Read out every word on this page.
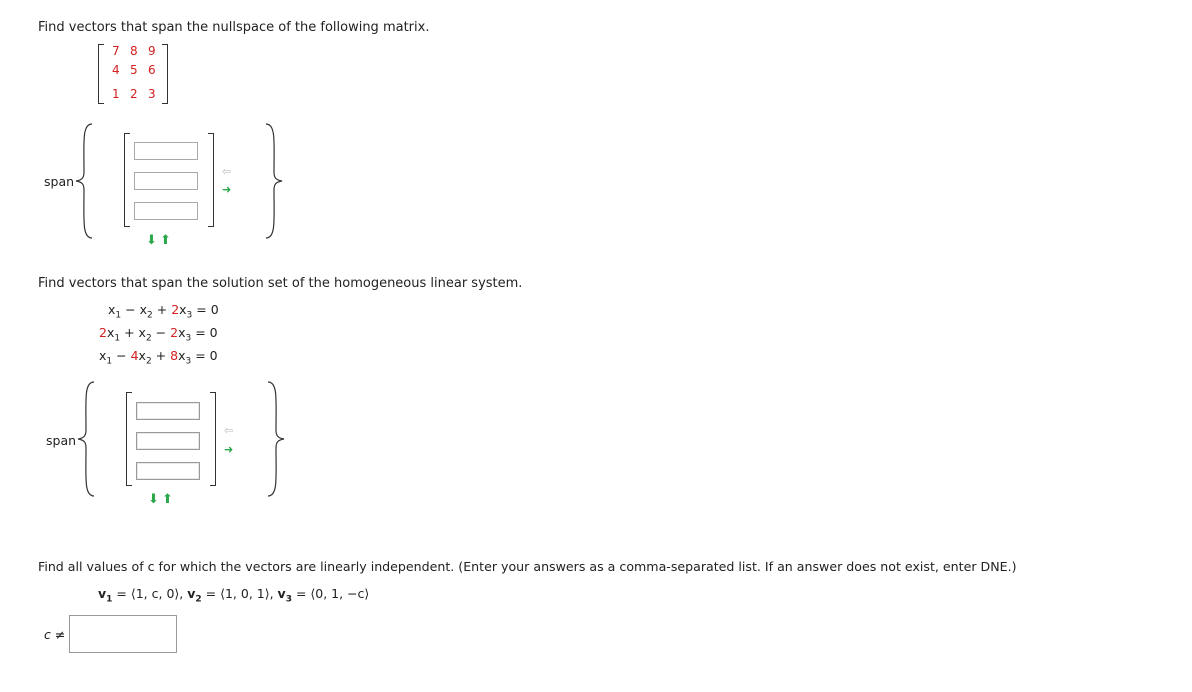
Find vectors that span the nullspace of the following matrix.
7 8 9
4 5 6
1 2 3
span
⇦
➜
⬇ ⬆
Find vectors that span the solution set of the homogeneous linear system.
$x_1 - x_2 + 2x_3 = 0$
$2x_1 + x_2 - 2x_3 = 0$
$x_1 - 4x_2 + 8x_3 = 0$
span
⇦
➜
⬇ ⬆
Find all values of c for which the vectors are linearly independent. (Enter your answers as a comma-separated list. If an answer does not exist, enter DNE.)
$v_1$ = ⟨1, c, 0⟩, $v_2$ = ⟨1, 0, 1⟩, $v_3$ = ⟨0, 1, −c⟩
c ≠
